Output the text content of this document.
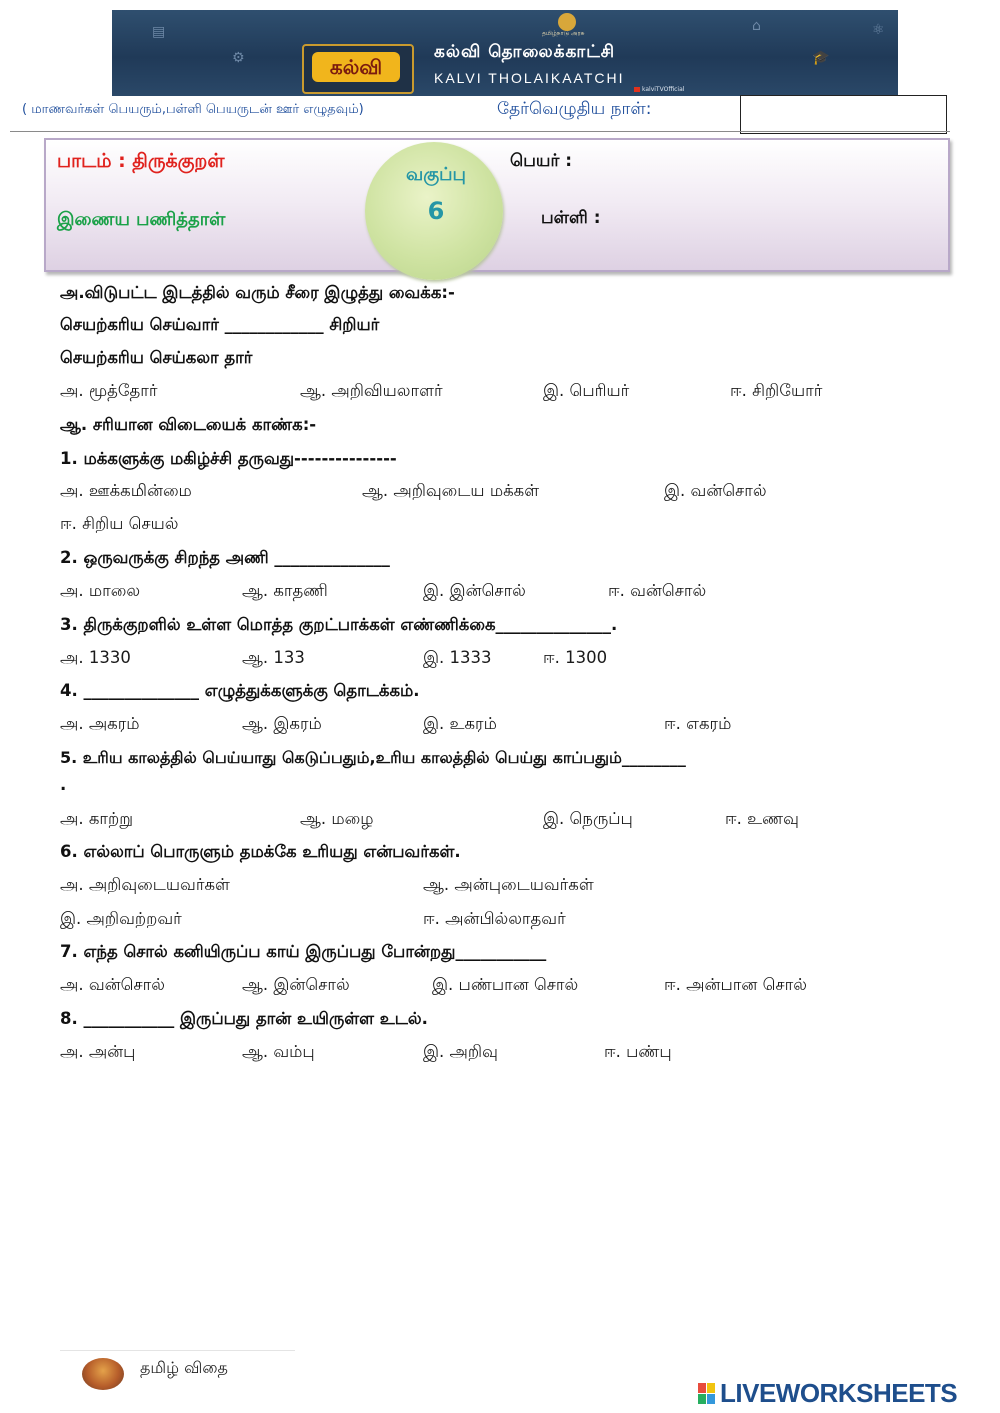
⌂
🎓
⚛
▤
⚙
தமிழ்நாடு அரசு
கல்வி
கல்வி தொலைக்காட்சி
KALVI THOLAIKAATCHI
kalviTVOfficial
( மாணவர்கள் பெயரும்,பள்ளி பெயருடன் ஊர் எழுதவும்)	தேர்வெழுதிய நாள்:
பாடம் : திருக்குறள்
இணைய பணித்தாள்
வகுப்பு
6
பெயர் :
பள்ளி :
அ.விடுபட்ட இடத்தில் வரும் சீரை இழுத்து வைக்க:-
செயற்கரிய செய்வார் ____________ சிறியர்
செயற்கரிய செய்கலா தார்
அ. மூத்தோர்	ஆ. அறிவியலாளர்	இ. பெரியர்	ஈ. சிறியோர்
ஆ. சரியான விடையைக் காண்க:-
1. மக்களுக்கு மகிழ்ச்சி தருவது---------------
அ. ஊக்கமின்மை	ஆ. அறிவுடைய மக்கள்	இ. வன்சொல்
ஈ. சிறிய செயல்
2. ஒருவருக்கு சிறந்த அணி ______________
அ. மாலை	ஆ. காதணி	இ. இன்சொல்	ஈ. வன்சொல்
3. திருக்குறளில் உள்ள மொத்த குறட்பாக்கள் எண்ணிக்கை______________.
அ. 1330	ஆ. 133	இ. 1333	ஈ. 1300
4. ______________ எழுத்துக்களுக்கு தொடக்கம்.
அ. அகரம்	ஆ. இகரம்	இ. உகரம்	ஈ. எகரம்
5. உரிய காலத்தில் பெய்யாது கெடுப்பதும்,உரிய காலத்தில் பெய்து காப்பதும்________
.
அ. காற்று	ஆ. மழை	இ. நெருப்பு	ஈ. உணவு
6. எல்லாப் பொருளும் தமக்கே உரியது என்பவர்கள்.
அ. அறிவுடையவர்கள்	ஆ. அன்புடையவர்கள்
இ. அறிவற்றவர்	ஈ. அன்பில்லாதவர்
7. எந்த சொல் கனியிருப்ப காய் இருப்பது போன்றது___________
அ. வன்சொல்	ஆ. இன்சொல்	இ. பண்பான சொல்	ஈ. அன்பான சொல்
8. ___________ இருப்பது தான் உயிருள்ள உடல்.
அ. அன்பு	ஆ. வம்பு	இ. அறிவு	ஈ. பண்பு
தமிழ் விதை
LIVEWORKSHEETS
